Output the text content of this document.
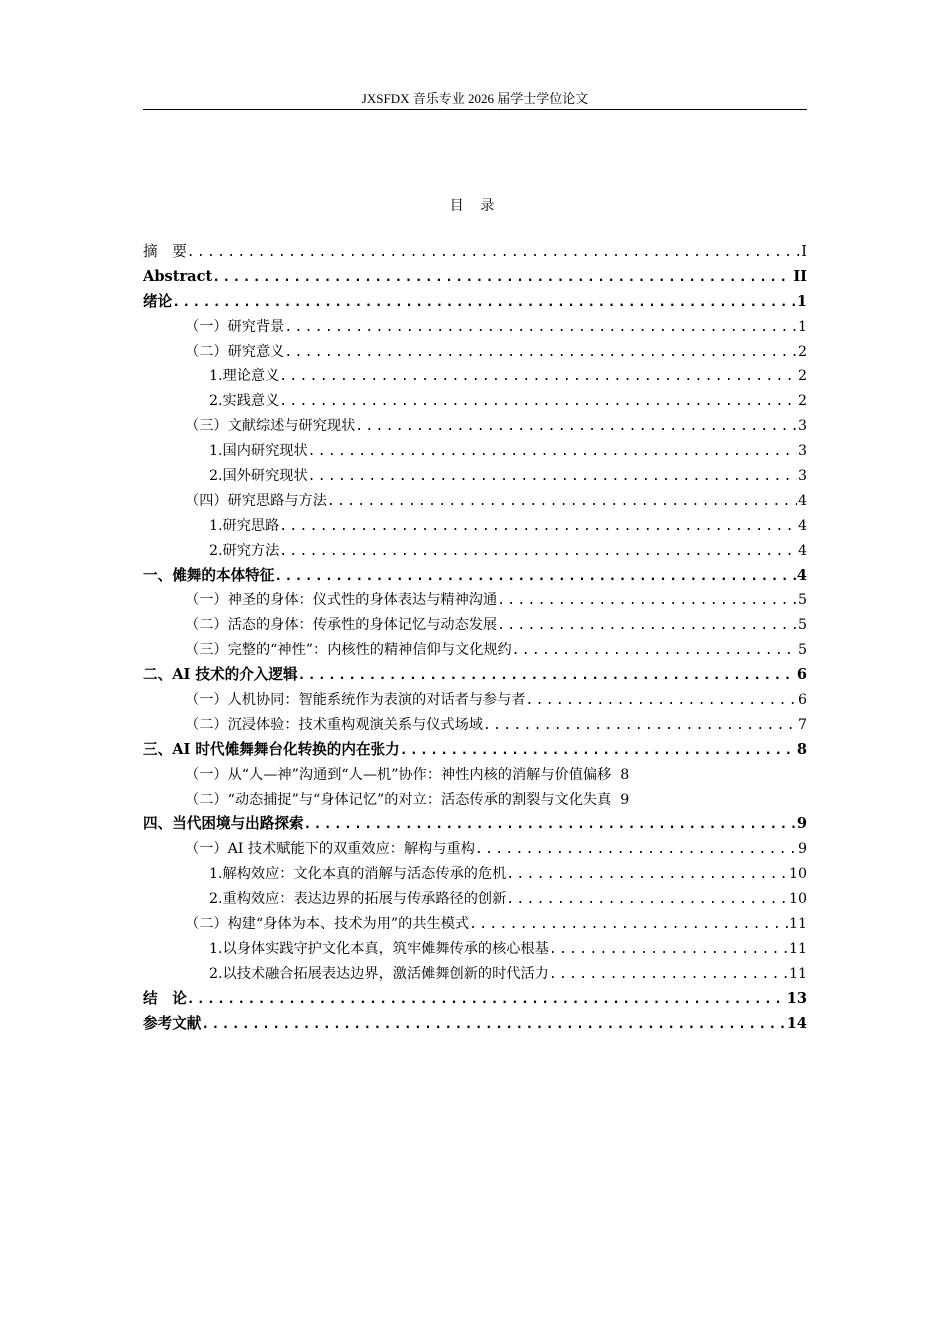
JXSFDX 音乐专业 2026 届学士学位论文
目 录
摘　要 .....	I
Abstract .....	II
绪论 .....	1
（一）研究背景 .....	1
（二）研究意义 .....	2
1.理论意义 .....	2
2.实践意义 .....	2
（三）文献综述与研究现状 .....	3
1.国内研究现状 .....	3
2.国外研究现状 .....	3
（四）研究思路与方法 .....	4
1.研究思路 .....	4
2.研究方法 .....	4
一、傩舞的本体特征 .....	4
（一）神圣的身体：仪式性的身体表达与精神沟通 .....	5
（二）活态的身体：传承性的身体记忆与动态发展 .....	5
（三）完整的“神性”：内核性的精神信仰与文化规约 .....	5
二、AI 技术的介入逻辑 .....	6
（一）人机协同：智能系统作为表演的对话者与参与者 .....	6
（二）沉浸体验：技术重构观演关系与仪式场域 .....	7
三、AI 时代傩舞舞台化转换的内在张力 .....	8
（一）从“人—神”沟通到“人—机”协作：神性内核的消解与价值偏移 8
（二）“动态捕捉”与“身体记忆”的对立：活态传承的割裂与文化失真 9
四、当代困境与出路探索 .....	9
（一）AI 技术赋能下的双重效应：解构与重构 .....	9
1.解构效应：文化本真的消解与活态传承的危机 .....	10
2.重构效应：表达边界的拓展与传承路径的创新 .....	10
（二）构建“身体为本、技术为用”的共生模式 .....	11
1.以身体实践守护文化本真，筑牢傩舞传承的核心根基 .....	11
2.以技术融合拓展表达边界，激活傩舞创新的时代活力 .....	11
结　论 .....	13
参考文献 .....	14
